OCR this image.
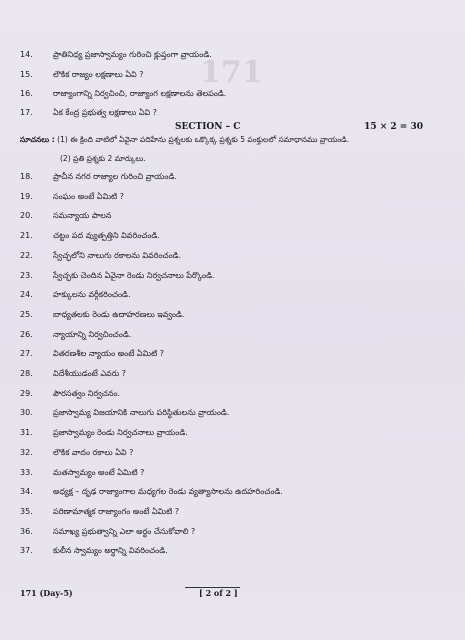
171
14.	ప్రాతినిధ్య ప్రజాస్వామ్యం గురించి క్లుప్తంగా వ్రాయండి.
15.	లౌకిక రాజ్యం లక్షణాలు ఏవి ?
16.	రాజ్యాంగాన్ని నిర్వచించి, రాజ్యాంగ లక్షణాలను తెలపండి.
17.	ఏక కేంద్ర ప్రభుత్వ లక్షణాలు ఏవి ?
SECTION – C	15 × 2 = 30
సూచనలు : (1) ఈ క్రింది వాటిలో ఏవైనా పదిహేను ప్రశ్నలకు ఒక్కొక్క ప్రశ్నకు 5 పంక్తులలో సమాధానము వ్రాయండి.
(2) ప్రతి ప్రశ్నకు 2 మార్కులు.
18.	ప్రాచీన నగర రాజ్యాల గురించి వ్రాయండి.
19.	సంఘం అంటే ఏమిటి ?
20.	సమన్యాయ పాలన
21.	చట్టం పద వ్యుత్పత్తిని వివరించండి.
22.	స్వేచ్ఛలోని నాలుగు రకాలను వివరించండి.
23.	స్వేచ్ఛకు చెందిన ఏవైనా రెండు నిర్వచనాలు పేర్కొండి.
24.	హక్కులను వర్గీకరించండి.
25.	బాధ్యతలకు రెండు ఉదాహరణలు ఇవ్వండి.
26.	న్యాయాన్ని నిర్వచించండి.
27.	వితరణశీల న్యాయం అంటే ఏమిటి ?
28.	విదేశీయుడంటే ఎవరు ?
29.	పౌరసత్వం నిర్వచనం.
30.	ప్రజాస్వామ్య విజయానికి నాలుగు పరిస్థితులను వ్రాయండి.
31.	ప్రజాస్వామ్యం రెండు నిర్వచనాలు వ్రాయండి.
32.	లౌకిక వాదం రకాలు ఏవి ?
33.	మతస్వామ్యం అంటే ఏమిటి ?
34.	అధ్యక్ష – దృఢ రాజ్యాంగాల మధ్యగల రెండు వ్యత్యాసాలను ఉదహరించండి.
35.	పరిణామాత్మక రాజ్యాంగం అంటే ఏమిటి ?
36.	సమాఖ్య ప్రభుత్వాన్ని ఎలా అర్థం చేసుకోవాలి ?
37.	కులీన స్వామ్యం అర్థాన్ని వివరించండి.
171 (Day-5)	[ 2 of 2 ]
